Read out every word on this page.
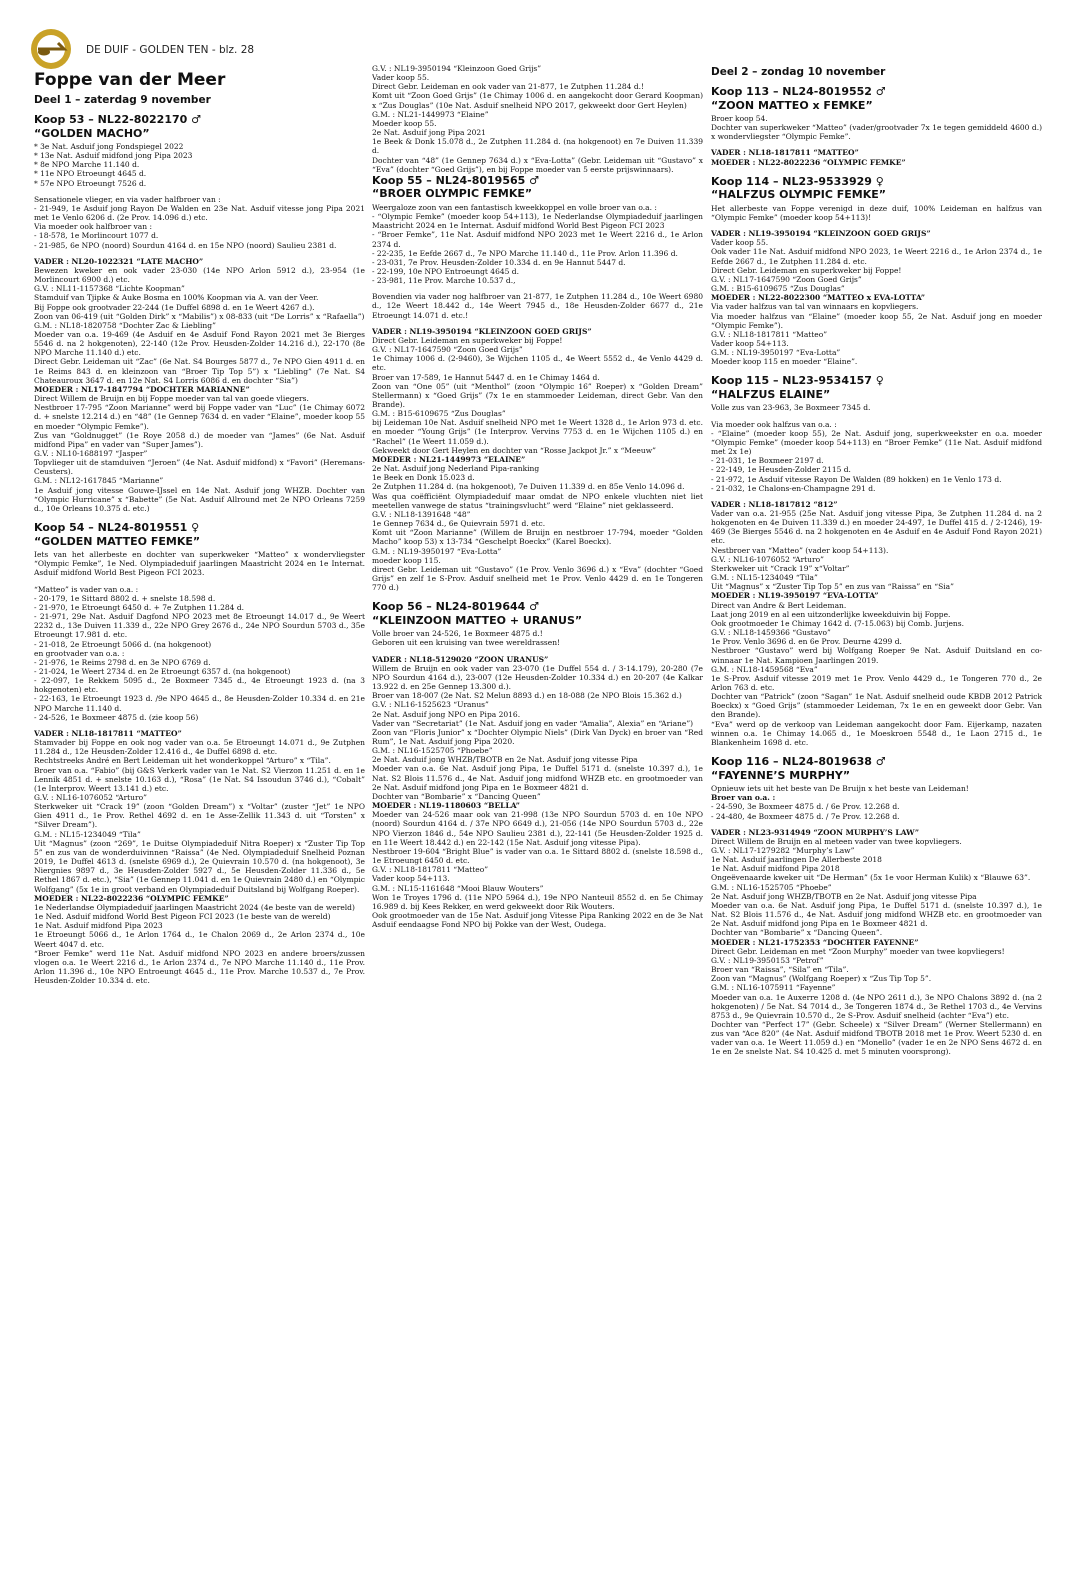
DE DUIF - GOLDEN TEN - blz. 28
Foppe van der Meer
Deel 1 – zaterdag 9 november
Koop 53 – NL22-8022170 ♂
“GOLDEN MACHO”

* 3e Nat. Asduif jong Fondspiegel 2022
* 13e Nat. Asduif midfond jong Pipa 2023
* 8e NPO Marche 11.140 d.
* 11e NPO Etroeungt 4645 d.
* 57e NPO Etroeungt 7526 d.

Sensationele vlieger, en via vader halfbroer van :
- 21-949, 1e Asduif jong Rayon De Walden en 23e Nat. Asduif vitesse jong Pipa 2021 met 1e Venlo 6206 d. (2e Prov. 14.096 d.) etc.
Via moeder ook halfbroer van :
- 18-578, 1e Morlincourt 1077 d.
- 21-985, 6e NPO (noord) Sourdun 4164 d. en 15e NPO (noord) Saulieu 2381 d.

VADER : NL20-1022321 “LATE MACHO”

Bewezen kweker en ook vader 23-030 (14e NPO Arlon 5912 d.), 23-954 (1e Morlincourt 6900 d.) etc.
G.V. : NL11-1157368 “Lichte Koopman”
Stamduif van Tjipke & Auke Bosma en 100% Koopman via A. van der Veer.
Bij Foppe ook grootvader 22-244 (1e Duffel 6898 d. en 1e Weert 4267 d.).
Zoon van 06-419 (uit “Golden Dirk” x “Mabilis”) x 08-833 (uit “De Lorris” x “Rafaella”)
G.M. : NL18-1820758 “Dochter Zac & Liebling”
Moeder van o.a. 19-469 (4e Asduif en 4e Asduif Fond Rayon 2021 met 3e Bierges 5546 d. na 2 hokgenoten), 22-140 (12e Prov. Heusden-Zolder 14.216 d.), 22-170 (8e NPO Marche 11.140 d.) etc.
Direct Gebr. Leideman uit “Zac” (6e Nat. S4 Bourges 5877 d., 7e NPO Gien 4911 d. en 1e Reims 843 d. en kleinzoon van “Broer Tip Top 5”) x “Liebling” (7e Nat. S4 Chateauroux 3647 d. en 12e Nat. S4 Lorris 6086 d. en dochter “Sia”)

MOEDER : NL17-1847794 “DOCHTER MARIANNE”

Direct Willem de Bruijn en bij Foppe moeder van tal van goede vliegers.
Nestbroer 17-795 “Zoon Marianne” werd bij Foppe vader van “Luc” (1e Chimay 6072 d. + snelste 12.214 d.) en “48” (1e Gennep 7634 d. en vader “Elaine”, moeder koop 55 en moeder “Olympic Femke”).
Zus van “Goldnugget” (1e Roye 2058 d.) de moeder van “James” (6e Nat. Asduif midfond Pipa” en vader van “Super James”).
G.V. : NL10-1688197 “Jasper”
Topvlieger uit de stamduiven “Jeroen” (4e Nat. Asduif midfond) x “Favori” (Heremans-Ceusters).
G.M. : NL12-1617845 “Marianne”
1e Asduif jong vitesse Gouwe-IJssel en 14e Nat. Asduif jong WHZB. Dochter van “Olympic Hurricane” x “Babette” (5e Nat. Asduif Allround met 2e NPO Orleans 7259 d., 10e Orleans 10.375 d. etc.)

Koop 54 – NL24-8019551 ♀
“GOLDEN MATTEO FEMKE”

Iets van het allerbeste en dochter van superkweker “Matteo” x wondervliegster “Olympic Femke”, 1e Ned. Olympiadeduif jaarlingen Maastricht 2024 en 1e Internat. Asduif midfond World Best Pigeon FCI 2023.

“Matteo” is vader van o.a. :
- 20-179, 1e Sittard 8802 d. + snelste 18.598 d.
- 21-970, 1e Etroeungt 6450 d. + 7e Zutphen 11.284 d.
- 21-971, 29e Nat. Asduif Dagfond NPO 2023 met 8e Etroeungt 14.017 d., 9e Weert 2232 d., 13e Duiven 11.339 d., 22e NPO Grey 2676 d., 24e NPO Sourdun 5703 d., 35e Etroeungt 17.981 d. etc.
- 21-018, 2e Etroeungt 5066 d. (na hokgenoot)
en grootvader van o.a. :
- 21-976, 1e Reims 2798 d. en 3e NPO 6769 d.
- 21-024, 1e Weert 2734 d. en 2e Etroeungt 6357 d. (na hokgenoot)
- 22-097, 1e Rekkem 5095 d., 2e Boxmeer 7345 d., 4e Etroeungt 1923 d. (na 3 hokgenoten) etc.
- 22-163, 1e Etroeungt 1923 d. /9e NPO 4645 d., 8e Heusden-Zolder 10.334 d. en 21e NPO Marche 11.140 d.
- 24-526, 1e Boxmeer 4875 d. (zie koop 56)

VADER : NL18-1817811 “MATTEO”

Stamvader bij Foppe en ook nog vader van o.a. 5e Etroeungt 14.071 d., 9e Zutphen 11.284 d., 12e Heusden-Zolder 12.416 d., 4e Duffel 6898 d. etc.
Rechtstreeks André en Bert Leideman uit het wonderkoppel “Arturo” x “Tila”.
Broer van o.a. “Fabio” (bij G&S Verkerk vader van 1e Nat. S2 Vierzon 11.251 d. en 1e Lennik 4851 d. + snelste 10.163 d.), “Rosa” (1e Nat. S4 Issoudun 3746 d.), “Cobalt” (1e Interprov. Weert 13.141 d.) etc.
G.V. : NL16-1076052 “Arturo”
Sterkweker uit “Crack 19” (zoon “Golden Dream”) x “Voltar” (zuster “Jet” 1e NPO Gien 4911 d., 1e Prov. Rethel 4692 d. en 1e Asse-Zellik 11.343 d. uit “Torsten” x “Silver Dream”).
G.M. : NL15-1234049 “Tila”
Uit “Magnus” (zoon “269”, 1e Duitse Olympiadeduif Nitra Roeper) x “Zuster Tip Top 5” en zus van de wonderduivinnen “Raissa” (4e Ned. Olympiadeduif Snelheid Poznan 2019, 1e Duffel 4613 d. (snelste 6969 d.), 2e Quievrain 10.570 d. (na hokgenoot), 3e Niergnies 9897 d., 3e Heusden-Zolder 5927 d., 5e Heusden-Zolder 11.336 d., 5e Rethel 1867 d. etc.), “Sia” (1e Gennep 11.041 d. en 1e Quievrain 2480 d.) en “Olympic Wolfgang” (5x 1e in groot verband en Olympiadeduif Duitsland bij Wolfgang Roeper).

MOEDER : NL22-8022236 “OLYMPIC FEMKE”

1e Nederlandse Olympiadeduif jaarlingen Maastricht 2024 (4e beste van de wereld)
1e Ned. Asduif midfond World Best Pigeon FCI 2023 (1e beste van de wereld)
1e Nat. Asduif midfond Pipa 2023
1e Etroeungt 5066 d., 1e Arlon 1764 d., 1e Chalon 2069 d., 2e Arlon 2374 d., 10e Weert 4047 d. etc.
“Broer Femke” werd 11e Nat. Asduif midfond NPO 2023 en andere broers/zussen vlogen o.a. 1e Weert 2216 d., 1e Arlon 2374 d., 7e NPO Marche 11.140 d., 11e Prov. Arlon 11.396 d., 10e NPO Entroeungt 4645 d., 11e Prov. Marche 10.537 d., 7e Prov. Heusden-Zolder 10.334 d. etc.

G.V. : NL19-3950194 “Kleinzoon Goed Grijs”
Vader koop 55.
Direct Gebr. Leideman en ook vader van 21-877, 1e Zutphen 11.284 d.!
Komt uit “Zoon Goed Grijs” (1e Chimay 1006 d. en aangekocht door Gerard Koopman) x “Zus Douglas” (10e Nat. Asduif snelheid NPO 2017, gekweekt door Gert Heylen)
G.M. : NL21-1449973 “Elaine”
Moeder koop 55.
2e Nat. Asduif jong Pipa 2021
1e Beek & Donk 15.078 d., 2e Zutphen 11.284 d. (na hokgenoot) en 7e Duiven 11.339 d.
Dochter van “48” (1e Gennep 7634 d.) x “Eva-Lotta” (Gebr. Leideman uit “Gustavo” x “Eva” (dochter “Goed Grijs”), en bij Foppe moeder van 5 eerste prijswinnaars).

Koop 55 – NL24-8019565 ♂
“BROER OLYMPIC FEMKE”

Weergaloze zoon van een fantastisch kweekkoppel en volle broer van o.a. :
- “Olympic Femke” (moeder koop 54+113), 1e Nederlandse Olympiadeduif jaarlingen Maastricht 2024 en 1e Internat. Asduif midfond World Best Pigeon FCI 2023
- “Broer Femke”, 11e Nat. Asduif midfond NPO 2023 met 1e Weert 2216 d., 1e Arlon 2374 d.
- 22-235, 1e Eefde 2667 d., 7e NPO Marche 11.140 d., 11e Prov. Arlon 11.396 d.
- 23-031, 7e Prov. Heusden-Zolder 10.334 d. en 9e Hannut 5447 d.
- 22-199, 10e NPO Entroeungt 4645 d.
- 23-981, 11e Prov. Marche 10.537 d.,

Bovendien via vader nog halfbroer van 21-877, 1e Zutphen 11.284 d., 10e Weert 6980 d., 12e Weert 18.442 d., 14e Weert 7945 d., 18e Heusden-Zolder 6677 d., 21e Etroeungt 14.071 d. etc.!

VADER : NL19-3950194 “KLEINZOON GOED GRIJS”

Direct Gebr. Leideman en superkweker bij Foppe!
G.V. : NL17-1647590 “Zoon Goed Grijs”
1e Chimay 1006 d. (2-9460), 3e Wijchen 1105 d., 4e Weert 5552 d., 4e Venlo 4429 d. etc.
Broer van 17-589, 1e Hannut 5447 d. en 1e Chimay 1464 d.
Zoon van “One 05” (uit “Menthol” (zoon “Olympic 16” Roeper) x “Golden Dream” Stellermann) x “Goed Grijs” (7x 1e en stammoeder Leideman, direct Gebr. Van den Brande).
G.M. : B15-6109675 “Zus Douglas”
bij Leideman 10e Nat. Asduif snelheid NPO met 1e Weert 1328 d., 1e Arlon 973 d. etc. en moeder “Young Grijs” (1e Interprov. Vervins 7753 d. en 1e Wijchen 1105 d.) en “Rachel” (1e Weert 11.059 d.).
Gekweekt door Gert Heylen en dochter van “Rosse Jackpot Jr.” x “Meeuw”

MOEDER : NL21-1449973 “ELAINE”

2e Nat. Asduif jong Nederland Pipa-ranking
1e Beek en Donk 15.023 d.
2e Zutphen 11.284 d. (na hokgenoot), 7e Duiven 11.339 d. en 85e Venlo 14.096 d.
Was qua coëfficiënt Olympiadeduif maar omdat de NPO enkele vluchten niet liet meetellen vanwege de status “trainingsvlucht” werd “Elaine” niet geklasseerd.
G.V. : NL18-1391648 “48”
1e Gennep 7634 d., 6e Quievrain 5971 d. etc.
Komt uit “Zoon Marianne” (Willem de Bruijn en nestbroer 17-794, moeder “Golden Macho” koop 53) x 13-734 “Geschelpt Boeckx” (Karel Boeckx).
G.M. : NL19-3950197 “Eva-Lotta”
moeder koop 115.
direct Gebr. Leideman uit “Gustavo” (1e Prov. Venlo 3696 d.) x “Eva” (dochter “Goed Grijs” en zelf 1e S-Prov. Asduif snelheid met 1e Prov. Venlo 4429 d. en 1e Tongeren 770 d.)

Koop 56 – NL24-8019644 ♂
“KLEINZOON MATTEO + URANUS”

Volle broer van 24-526, 1e Boxmeer 4875 d.!
Geboren uit een kruising van twee wereldrassen!

VADER : NL18-5129020 “ZOON URANUS”

Willem de Bruijn en ook vader van 23-070 (1e Duffel 554 d. / 3-14.179), 20-280 (7e NPO Sourdun 4164 d.), 23-007 (12e Heusden-Zolder 10.334 d.) en 20-207 (4e Kalkar 13.922 d. en 25e Gennep 13.300 d.).
Broer van 18-007 (2e Nat. S2 Melun 8893 d.) en 18-088 (2e NPO Blois 15.362 d.)
G.V. : NL16-1525623 “Uranus”
2e Nat. Asduif jong NPO en Pipa 2016.
Vader van “Secretariat” (1e Nat. Asduif jong en vader “Amalia”, Alexia” en “Ariane”)
Zoon van “Floris Junior” x “Dochter Olympic Niels” (Dirk Van Dyck) en broer van “Red Rum”, 1e Nat. Asduif jong Pipa 2020.
G.M. : NL16-1525705 “Phoebe”
2e Nat. Asduif jong WHZB/TBOTB en 2e Nat. Asduif jong vitesse Pipa
Moeder van o.a. 6e Nat. Asduif jong Pipa, 1e Duffel 5171 d. (snelste 10.397 d.), 1e Nat. S2 Blois 11.576 d., 4e Nat. Asduif jong midfond WHZB etc. en grootmoeder van 2e Nat. Asduif midfond jong Pipa en 1e Boxmeer 4821 d.
Dochter van “Bombarie” x “Dancing Queen”

MOEDER : NL19-1180603 “BELLA”

Moeder van 24-526 maar ook van 21-998 (13e NPO Sourdun 5703 d. en 10e NPO (noord) Sourdun 4164 d. / 37e NPO 6649 d.), 21-056 (14e NPO Sourdun 5703 d., 22e NPO Vierzon 1846 d., 54e NPO Saulieu 2381 d.), 22-141 (5e Heusden-Zolder 1925 d. en 11e Weert 18.442 d.) en 22-142 (15e Nat. Asduif jong vitesse Pipa).
Nestbroer 19-604 “Bright Blue” is vader van o.a. 1e Sittard 8802 d. (snelste 18.598 d., 1e Etroeungt 6450 d. etc.
G.V. : NL18-1817811 “Matteo”
Vader koop 54+113.
G.M. : NL15-1161648 “Mooi Blauw Wouters”
Won 1e Troyes 1796 d. (11e NPO 5964 d.), 19e NPO Nanteuil 8552 d. en 5e Chimay 16.989 d. bij Kees Rekker, en werd gekweekt door Rik Wouters.
Ook grootmoeder van de 15e Nat. Asduif jong Vitesse Pipa Ranking 2022 en de 3e Nat Asduif eendaagse Fond NPO bij Pokke van der West, Oudega.

Deel 2 – zondag 10 november
Koop 113 – NL24-8019552 ♂
“ZOON MATTEO x FEMKE”

Broer koop 54.
Dochter van superkweker “Matteo” (vader/grootvader 7x 1e tegen gemiddeld 4600 d.) x wondervliegster “Olympic Femke”.

VADER : NL18-1817811 “MATTEO”

MOEDER : NL22-8022236 “OLYMPIC FEMKE”

Koop 114 – NL23-9533929 ♀
“HALFZUS OLYMPIC FEMKE”

Het allerbeste van Foppe verenigd in deze duif, 100% Leideman en halfzus van “Olympic Femke” (moeder koop 54+113)!

VADER : NL19-3950194 “KLEINZOON GOED GRIJS”

Vader koop 55.
Ook vader 11e Nat. Asduif midfond NPO 2023, 1e Weert 2216 d., 1e Arlon 2374 d., 1e Eefde 2667 d., 1e Zutphen 11.284 d. etc.
Direct Gebr. Leideman en superkweker bij Foppe!
G.V. : NL17-1647590 “Zoon Goed Grijs”
G.M. : B15-6109675 “Zus Douglas”

MOEDER : NL22-8022300 “MATTEO x EVA-LOTTA”

Via vader halfzus van tal van winnaars en kopvliegers.
Via moeder halfzus van “Elaine” (moeder koop 55, 2e Nat. Asduif jong en moeder “Olympic Femke”).
G.V. : NL18-1817811 “Matteo”
Vader koop 54+113.
G.M. : NL19-3950197 “Eva-Lotta”
Moeder koop 115 en moeder “Elaine”.

Koop 115 – NL23-9534157 ♀
“HALFZUS ELAINE”

Volle zus van 23-963, 3e Boxmeer 7345 d.

Via moeder ook halfzus van o.a. :
- “Elaine” (moeder koop 55), 2e Nat. Asduif jong, superkweekster en o.a. moeder “Olympic Femke” (moeder koop 54+113) en “Broer Femke” (11e Nat. Asduif midfond met 2x 1e)
- 21-031, 1e Boxmeer 2197 d.
- 22-149, 1e Heusden-Zolder 2115 d.
- 21-972, 1e Asduif vitesse Rayon De Walden (89 hokken) en 1e Venlo 173 d.
- 21-032, 1e Chalons-en-Champagne 291 d.

VADER : NL18-1817812 “812”

Vader van o.a. 21-955 (25e Nat. Asduif jong vitesse Pipa, 3e Zutphen 11.284 d. na 2 hokgenoten en 4e Duiven 11.339 d.) en moeder 24-497, 1e Duffel 415 d. / 2-1246), 19-469 (3e Bierges 5546 d. na 2 hokgenoten en 4e Asduif en 4e Asduif Fond Rayon 2021) etc.
Nestbroer van “Matteo” (vader koop 54+113).
G.V. : NL16-1076052 “Arturo”
Sterkweker uit “Crack 19” x“Voltar”
G.M. : NL15-1234049 “Tila”
Uit “Magnus” x “Zuster Tip Top 5” en zus van “Raissa” en “Sia”

MOEDER : NL19-3950197 “EVA-LOTTA”

Direct van Andre & Bert Leideman.
Laat jong 2019 en al een uitzonderlijke kweekduivin bij Foppe.
Ook grootmoeder 1e Chimay 1642 d. (7-15.063) bij Comb. Jurjens.
G.V. : NL18-1459366 “Gustavo”
1e Prov. Venlo 3696 d. en 6e Prov. Deurne 4299 d.
Nestbroer “Gustavo” werd bij Wolfgang Roeper 9e Nat. Asduif Duitsland en co-winnaar 1e Nat. Kampioen Jaarlingen 2019.
G.M. : NL18-1459568 “Eva”
1e S-Prov. Asduif vitesse 2019 met 1e Prov. Venlo 4429 d., 1e Tongeren 770 d., 2e Arlon 763 d. etc.
Dochter van “Patrick” (zoon “Sagan” 1e Nat. Asduif snelheid oude KBDB 2012 Patrick Boeckx) x “Goed Grijs” (stammoeder Leideman, 7x 1e en en geweekt door Gebr. Van den Brande).
“Eva” werd op de verkoop van Leideman aangekocht door Fam. Eijerkamp, nazaten winnen o.a. 1e Chimay 14.065 d., 1e Moeskroen 5548 d., 1e Laon 2715 d., 1e Blankenheim 1698 d. etc.

Koop 116 – NL24-8019638 ♂
“FAYENNE’S MURPHY”

Opnieuw iets uit het beste van De Bruijn x het beste van Leideman!

Broer van o.a. :

- 24-590, 3e Boxmeer 4875 d. / 6e Prov. 12.268 d.
- 24-480, 4e Boxmeer 4875 d. / 7e Prov. 12.268 d.

VADER : NL23-9314949 “ZOON MURPHY’S LAW”

Direct Willem de Bruijn en al meteen vader van twee kopvliegers.
G.V. : NL17-1279282 “Murphy’s Law”
1e Nat. Asduif jaarlingen De Allerbeste 2018
1e Nat. Asduif midfond Pipa 2018
Ongeëvenaarde kweker uit “De Herman” (5x 1e voor Herman Kulik) x “Blauwe 63”.
G.M. : NL16-1525705 “Phoebe”
2e Nat. Asduif jong WHZB/TBOTB en 2e Nat. Asduif jong vitesse Pipa
Moeder van o.a. 6e Nat. Asduif jong Pipa, 1e Duffel 5171 d. (snelste 10.397 d.), 1e Nat. S2 Blois 11.576 d., 4e Nat. Asduif jong midfond WHZB etc. en grootmoeder van 2e Nat. Asduif midfond jong Pipa en 1e Boxmeer 4821 d.
Dochter van “Bombarie” x “Dancing Queen”.

MOEDER : NL21-1752353 “DOCHTER FAYENNE”

Direct Gebr. Leideman en met “Zoon Murphy” moeder van twee kopvliegers!
G.V. : NL19-3950153 “Petrof”
Broer van “Raissa”, “Sila” en “Tila”.
Zoon van “Magnus” (Wolfgang Roeper) x “Zus Tip Top 5”.
G.M. : NL16-1075911 “Fayenne”
Moeder van o.a. 1e Auxerre 1208 d. (4e NPO 2611 d.), 3e NPO Chalons 3892 d. (na 2 hokgenoten) / 5e Nat. S4 7014 d., 3e Tongeren 1874 d., 3e Rethel 1703 d., 4e Vervins 8753 d., 9e Quievrain 10.570 d., 2e S-Prov. Asduif snelheid (achter “Eva”) etc.
Dochter van “Perfect 17” (Gebr. Scheele) x “Silver Dream” (Werner Stellermann) en zus van “Ace 820” (4e Nat. Asduif midfond TBOTB 2018 met 1e Prov. Weert 5230 d. en vader van o.a. 1e Weert 11.059 d.) en “Monello” (vader 1e en 2e NPO Sens 4672 d. en 1e en 2e snelste Nat. S4 10.425 d. met 5 minuten voorsprong).
